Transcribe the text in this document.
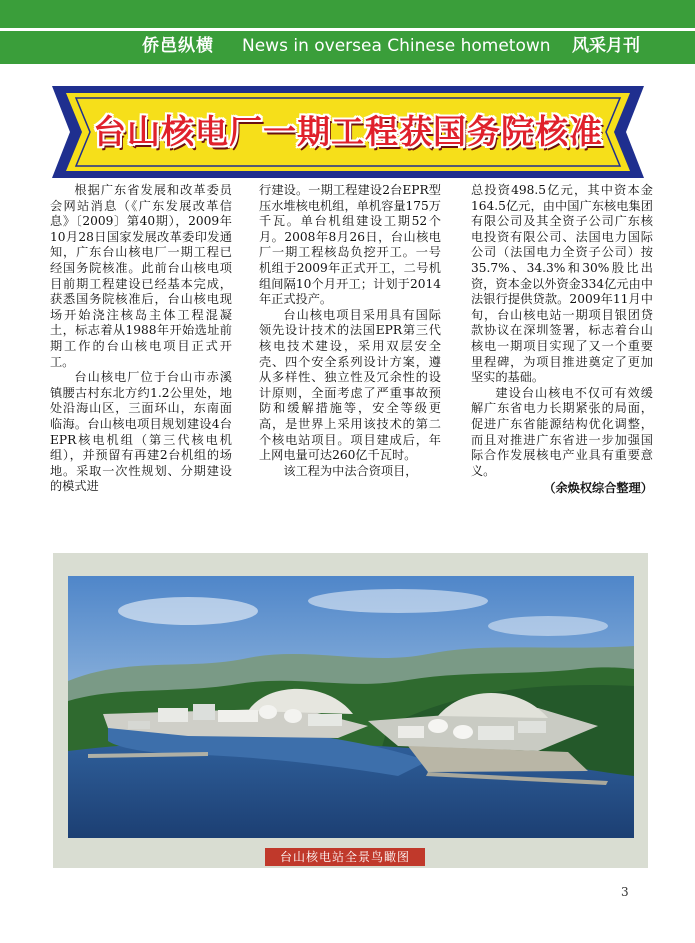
侨邑纵横 News in oversea Chinese hometown 风采月刊
台山核电厂一期工程获国务院核准

根据广东省发展和改革委员会网站消息（《广东发展改革信息》〔2009〕第40期），2009年10月28日国家发展改革委印发通知，广东台山核电厂一期工程已经国务院核准。此前台山核电项目前期工程建设已经基本完成，获悉国务院核准后，台山核电现场开始浇注核岛主体工程混凝土，标志着从1988年开始选址前期工作的台山核电项目正式开工。

台山核电厂位于台山市赤溪镇腰古村东北方约1.2公里处，地处沿海山区，三面环山，东南面临海。台山核电项目规划建设4台EPR核电机组（第三代核电机组），并预留有再建2台机组的场地。采取一次性规划、分期建设的模式进

行建设。一期工程建设2台EPR型压水堆核电机组，单机容量175万千瓦。单台机组建设工期52个月。2008年8月26日，台山核电厂一期工程核岛负挖开工。一号机组于2009年正式开工，二号机组间隔10个月开工；计划于2014年正式投产。

台山核电项目采用具有国际领先设计技术的法国EPR第三代核电技术建设，采用双层安全壳、四个安全系列设计方案，遵从多样性、独立性及冗余性的设计原则，全面考虑了严重事故预防和缓解措施等，安全等级更高，是世界上采用该技术的第二个核电站项目。项目建成后，年上网电量可达260亿千瓦时。

该工程为中法合资项目，

总投资498.5亿元，其中资本金164.5亿元，由中国广东核电集团有限公司及其全资子公司广东核电投资有限公司、法国电力国际公司（法国电力全资子公司）按35.7%、34.3%和30%股比出资，资本金以外资金334亿元由中法银行提供贷款。2009年11月中旬，台山核电站一期项目银团贷款协议在深圳签署，标志着台山核电一期项目实现了又一个重要里程碑，为项目推进奠定了更加坚实的基础。

建设台山核电不仅可有效缓解广东省电力长期紧张的局面，促进广东省能源结构优化调整，而且对推进广东省进一步加强国际合作发展核电产业具有重要意义。

（余焕权综合整理）

台山核电站全景鸟瞰图
3
